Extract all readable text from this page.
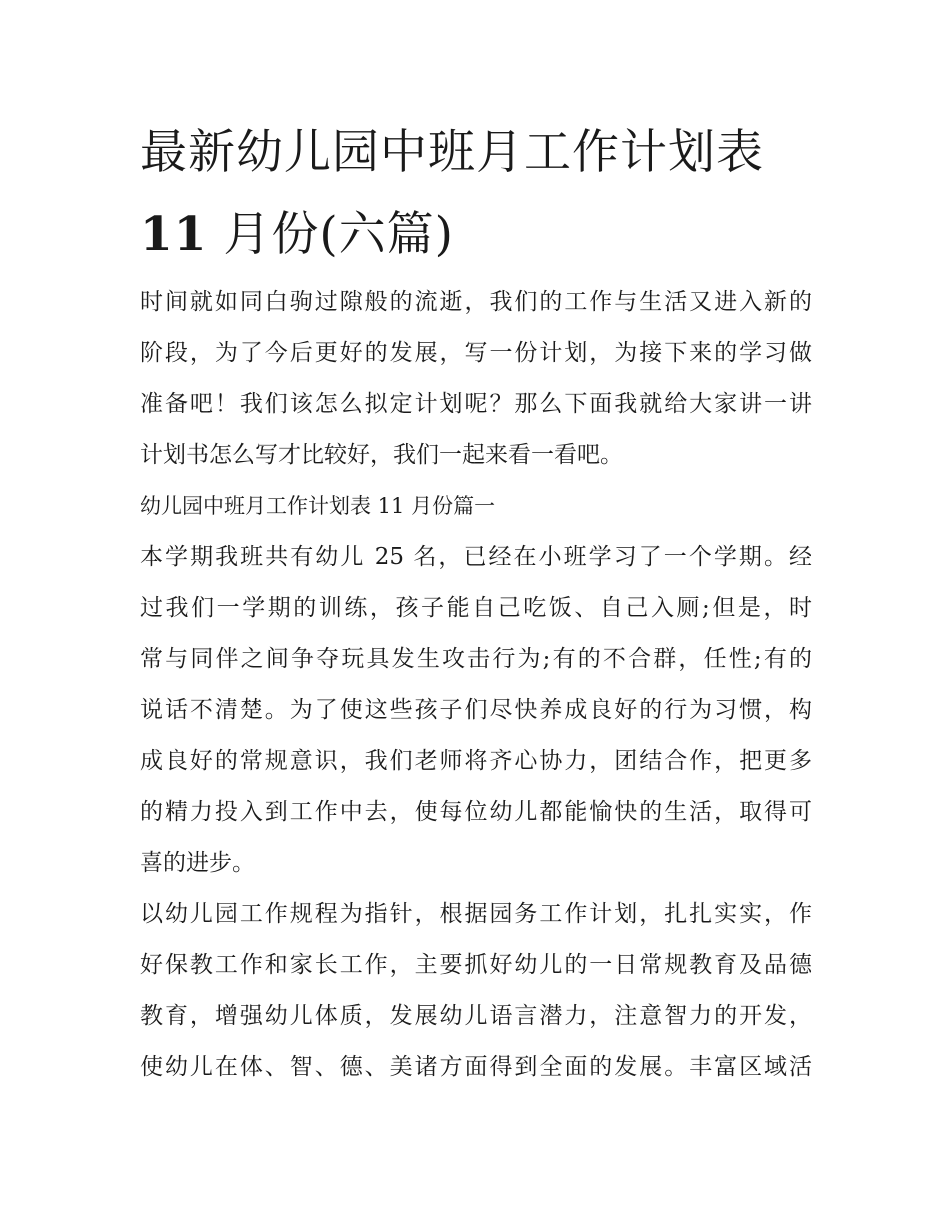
最新幼儿园中班月工作计划表
11 月份(六篇)

时间就如同白驹过隙般的流逝，我们的工作与生活又进入新的
阶段，为了今后更好的发展，写一份计划，为接下来的学习做
准备吧！我们该怎么拟定计划呢？那么下面我就给大家讲一讲
计划书怎么写才比较好，我们一起来看一看吧。

幼儿园中班月工作计划表 11 月份篇一

本学期我班共有幼儿 25 名，已经在小班学习了一个学期。经
过我们一学期的训练，孩子能自己吃饭、自己入厕;但是，时
常与同伴之间争夺玩具发生攻击行为;有的不合群，任性;有的
说话不清楚。为了使这些孩子们尽快养成良好的行为习惯，构
成良好的常规意识，我们老师将齐心协力，团结合作，把更多
的精力投入到工作中去，使每位幼儿都能愉快的生活，取得可
喜的进步。

以幼儿园工作规程为指针，根据园务工作计划，扎扎实实，作
好保教工作和家长工作，主要抓好幼儿的一日常规教育及品德
教育，增强幼儿体质，发展幼儿语言潜力，注意智力的开发，
使幼儿在体、智、德、美诸方面得到全面的发展。丰富区域活
